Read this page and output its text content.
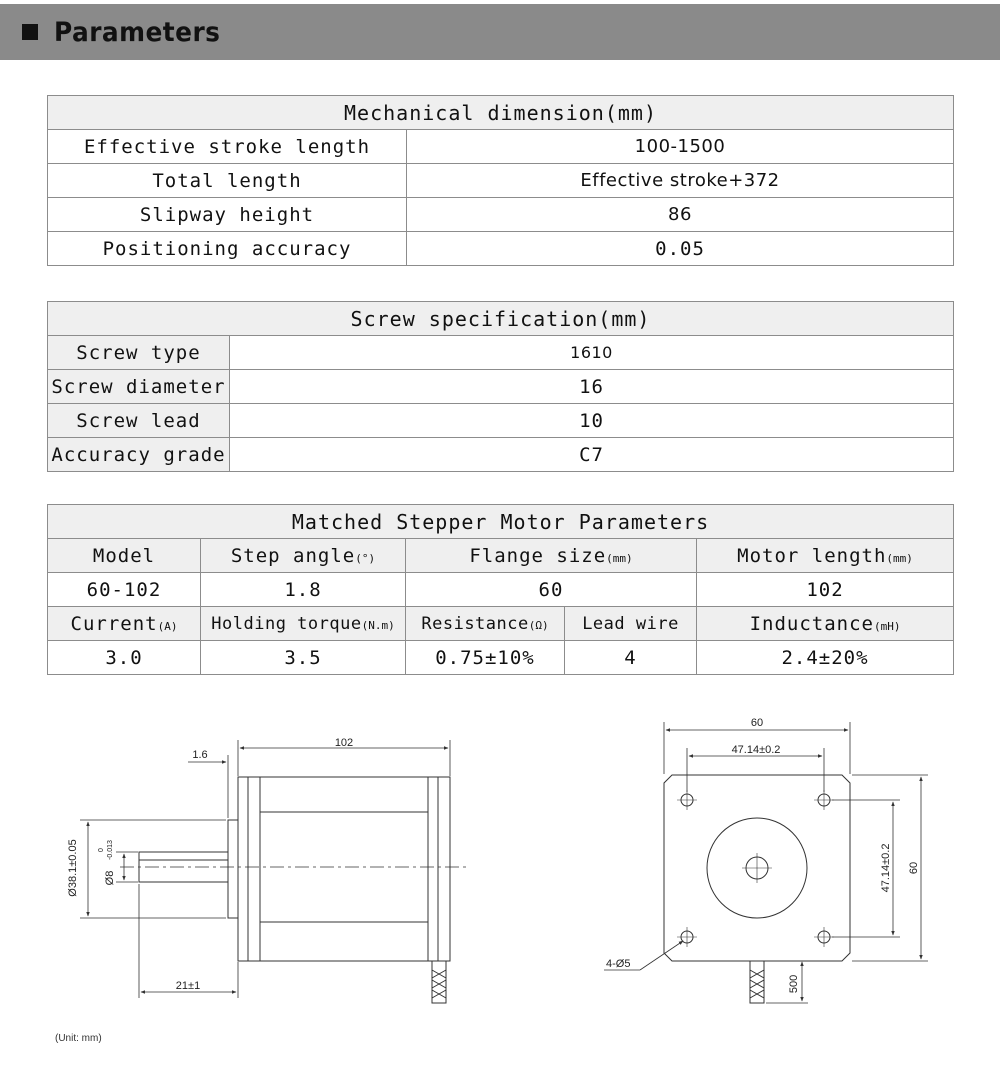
Parameters
Mechanical dimension(mm)	
Effective stroke length	100-1500
Total length	Effective stroke+372
Slipway height	86
Positioning accuracy	0.05
Screw specification(mm)	
Screw type	1610
Screw diameter	16
Screw lead	10
Accuracy grade	C7
Matched Stepper Motor Parameters				
Model	Step angle(°)	Flange size(mm)		Motor length(mm)
60-102	1.8	60		102
Current(A)	Holding torque(N.m)	Resistance(Ω)	Lead wire	Inductance(mH)
3.0	3.5	0.75±10%	4	2.4±20%
102
1.6
Ø38.1±0.05 Ø8
0 -0.013
21±1
60
47.14±0.2
47.14±0.2 60
4-Ø5
500
(Unit: mm)
